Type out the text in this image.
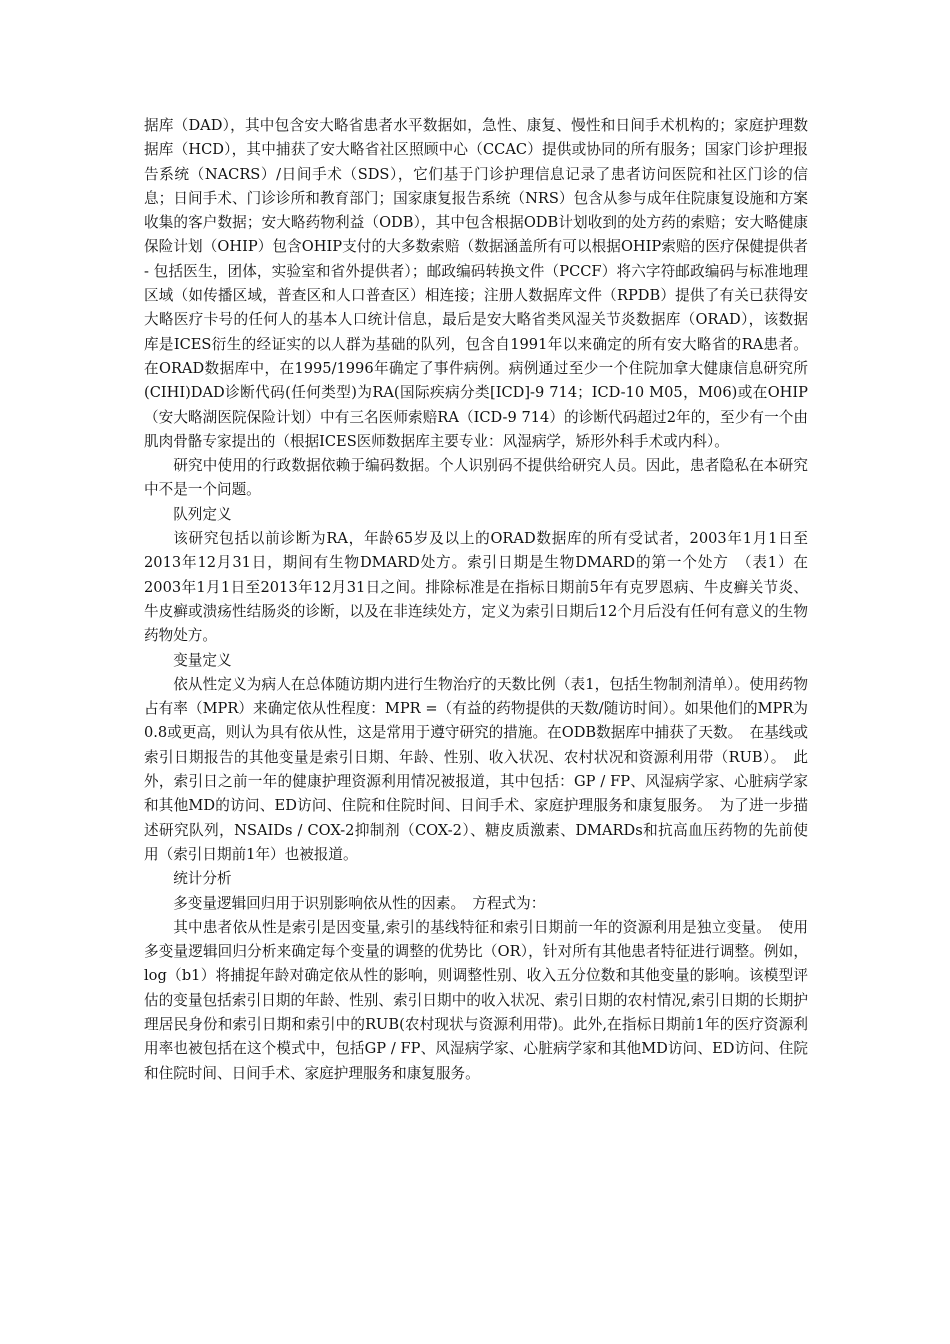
据库（DAD），其中包含安大略省患者水平数据如，急性、康复、慢性和日间手术机构的；家庭护理数据库（HCD），其中捕获了安大略省社区照顾中心（CCAC）提供或协同的所有服务；国家门诊护理报告系统（NACRS）/日间手术（SDS），它们基于门诊护理信息记录了患者访问医院和社区门诊的信息；日间手术、门诊诊所和教育部门；国家康复报告系统（NRS）包含从参与成年住院康复设施和方案收集的客户数据；安大略药物利益（ODB），其中包含根据ODB计划收到的处方药的索赔；安大略健康保险计划（OHIP）包含OHIP支付的大多数索赔（数据涵盖所有可以根据OHIP索赔的医疗保健提供者 - 包括医生，团体，实验室和省外提供者）；邮政编码转换文件（PCCF）将六字符邮政编码与标准地理区域（如传播区域，普查区和人口普查区）相连接；注册人数据库文件（RPDB）提供了有关已获得安大略医疗卡号的任何人的基本人口统计信息，最后是安大略省类风湿关节炎数据库（ORAD），该数据库是ICES衍生的经证实的以人群为基础的队列，包含自1991年以来确定的所有安大略省的RA患者。在ORAD数据库中，在1995/1996年确定了事件病例。病例通过至少一个住院加拿大健康信息研究所(CIHI)DAD诊断代码(任何类型)为RA(国际疾病分类[ICD]-9 714；ICD-10 M05，M06)或在OHIP（安大略湖医院保险计划）中有三名医师索赔RA（ICD-9 714）的诊断代码超过2年的，至少有一个由肌肉骨骼专家提出的（根据ICES医师数据库主要专业：风湿病学，矫形外科手术或内科）。

研究中使用的行政数据依赖于编码数据。个人识别码不提供给研究人员。因此，患者隐私在本研究中不是一个问题。

队列定义

该研究包括以前诊断为RA，年龄65岁及以上的ORAD数据库的所有受试者，2003年1月1日至2013年12月31日，期间有生物DMARD处方。索引日期是生物DMARD的第一个处方　（表1）在2003年1月1日至2013年12月31日之间。排除标准是在指标日期前5年有克罗恩病、牛皮癣关节炎、牛皮癣或溃疡性结肠炎的诊断，以及在非连续处方，定义为索引日期后12个月后没有任何有意义的生物药物处方。

变量定义

依从性定义为病人在总体随访期内进行生物治疗的天数比例（表1，包括生物制剂清单）。使用药物占有率（MPR）来确定依从性程度：MPR =（有益的药物提供的天数/随访时间）。如果他们的MPR为0.8或更高，则认为具有依从性，这是常用于遵守研究的措施。在ODB数据库中捕获了天数。　在基线或索引日期报告的其他变量是索引日期、年龄、性别、收入状况、农村状况和资源利用带（RUB）。　此外，索引日之前一年的健康护理资源利用情况被报道，其中包括：GP / FP、风湿病学家、心脏病学家和其他MD的访问、ED访问、住院和住院时间、日间手术、家庭护理服务和康复服务。　为了进一步描述研究队列，NSAIDs / COX-2抑制剂（COX-2）、糖皮质激素、DMARDs和抗高血压药物的先前使用（索引日期前1年）也被报道。

统计分析

多变量逻辑回归用于识别影响依从性的因素。　方程式为：

其中患者依从性是索引是因变量,索引的基线特征和索引日期前一年的资源利用是独立变量。　使用多变量逻辑回归分析来确定每个变量的调整的优势比（OR），针对所有其他患者特征进行调整。例如，log（b1）将捕捉年龄对确定依从性的影响，则调整性别、收入五分位数和其他变量的影响。该模型评估的变量包括索引日期的年龄、性别、索引日期中的收入状况、索引日期的农村情况,索引日期的长期护理居民身份和索引日期和索引中的RUB(农村现状与资源利用带)。此外,在指标日期前1年的医疗资源利用率也被包括在这个模式中，包括GP / FP、风湿病学家、心脏病学家和其他MD访问、ED访问、住院和住院时间、日间手术、家庭护理服务和康复服务。
